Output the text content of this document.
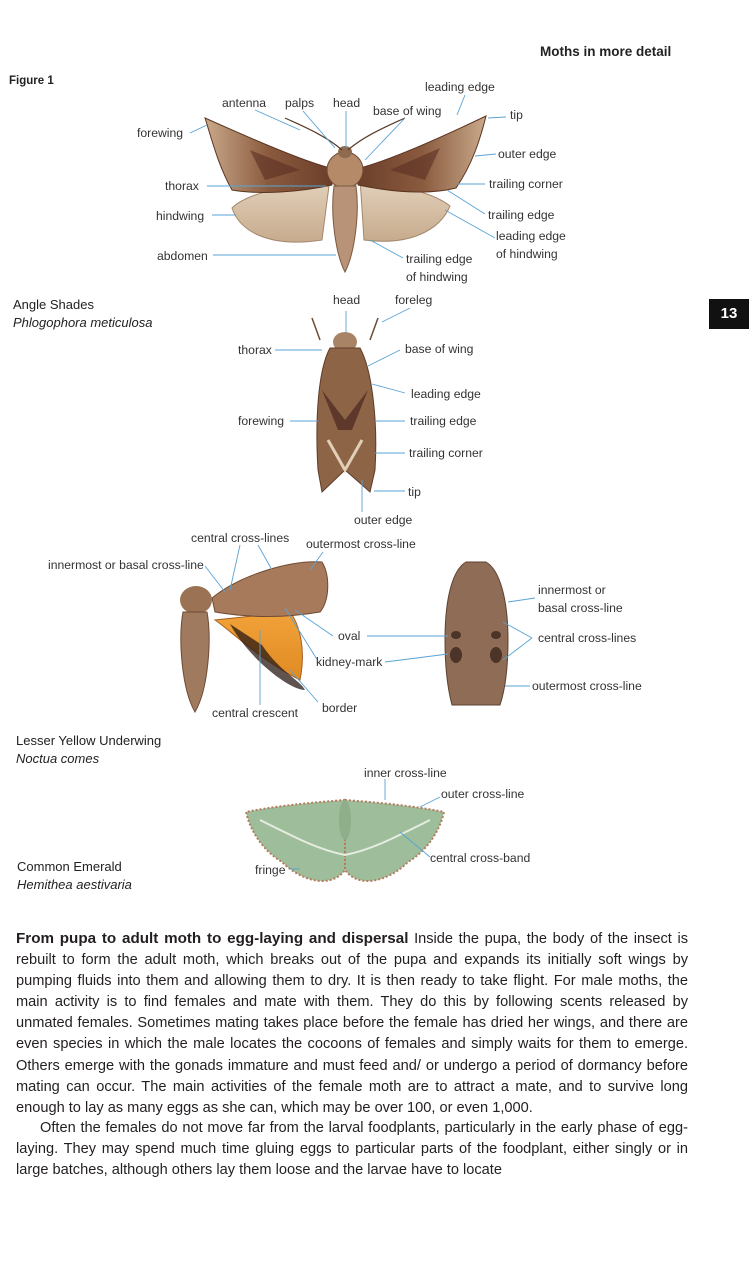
Moths in more detail
13
Figure 1
antenna palps head
base of wing
leading edge
tip
forewing
outer edge
thorax	trailing corner
hindwing	trailing edge
leading edge
of hindwing
abdomen	trailing edge
of hindwing
Angle Shades
Phlogophora meticulosa
head	foreleg
thorax	base of wing
leading edge
forewing	trailing edge
trailing corner
tip
outer edge
central cross-lines outermost cross-line
innermost or basal cross-line
oval
kidney-mark
central crescent border
innermost or
basal cross-line
central cross-lines
outermost cross-line
Lesser Yellow Underwing
Noctua comes
inner cross-line
outer cross-line
central cross-band
fringe
Common Emerald
Hemithea aestivaria
From pupa to adult moth to egg-laying and dispersal Inside the pupa, the body of the insect is rebuilt to form the adult moth, which breaks out of the pupa and expands its initially soft wings by pumping fluids into them and allowing them to dry. It is then ready to take flight. For male moths, the main activity is to find females and mate with them. They do this by following scents released by unmated females. Sometimes mating takes place before the female has dried her wings, and there are even species in which the male locates the cocoons of females and simply waits for them to emerge. Others emerge with the gonads immature and must feed and/ or undergo a period of dormancy before mating can occur. The main activities of the female moth are to attract a mate, and to survive long enough to lay as many eggs as she can, which may be over 100, or even 1,000.
Often the females do not move far from the larval foodplants, particularly in the early phase of egg-laying. They may spend much time gluing eggs to particular parts of the foodplant, either singly or in large batches, although others lay them loose and the larvae have to locate
